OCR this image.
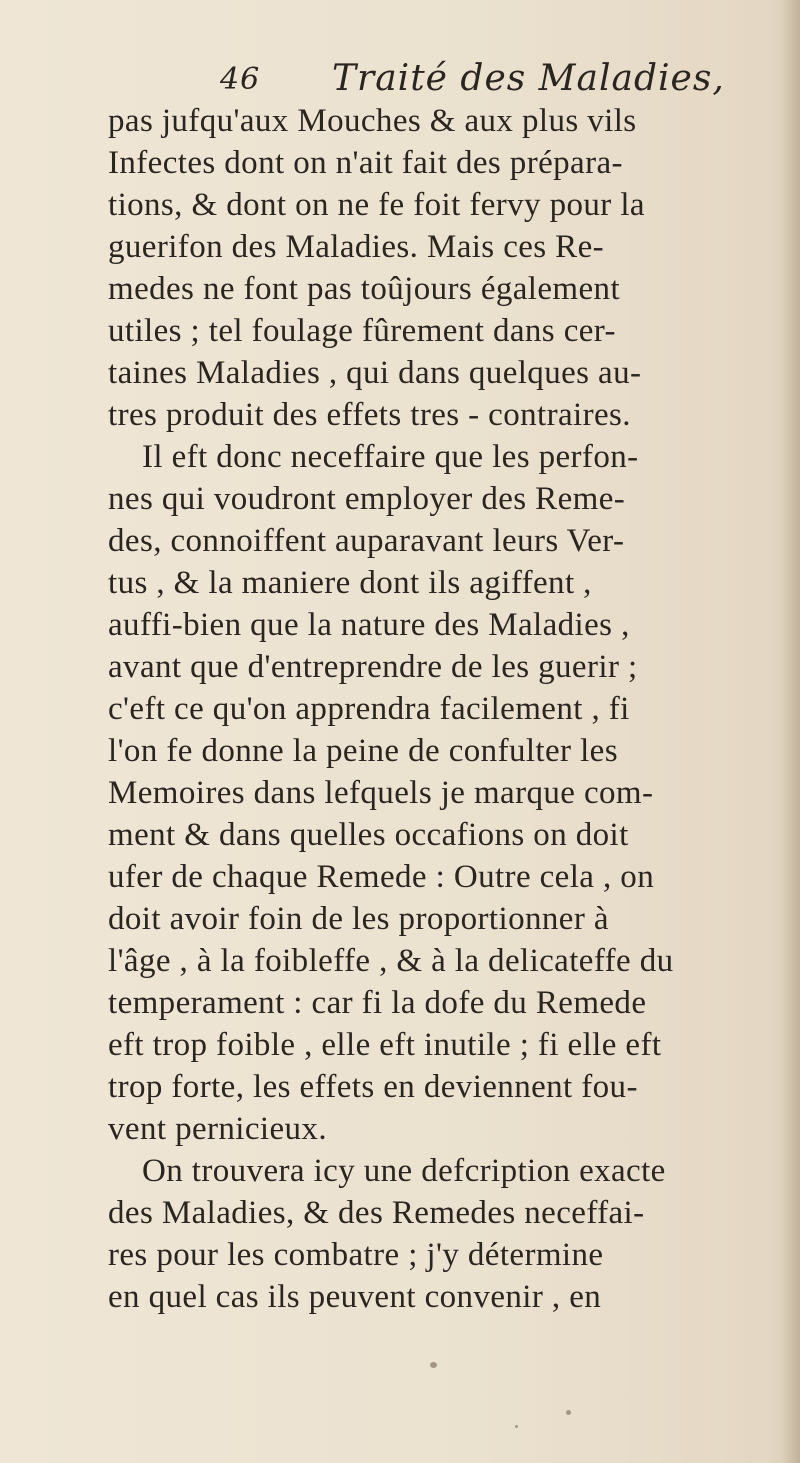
46 Traité des Maladies,
pas jufqu'aux Mouches & aux plus vils
Infectes dont on n'ait fait des prépara-
tions, & dont on ne fe foit fervy pour la
guerifon des Maladies. Mais ces Re-
medes ne font pas toûjours également
utiles ; tel foulage fûrement dans cer-
taines Maladies , qui dans quelques au-
tres produit des effets tres - contraires.
Il eft donc neceffaire que les perfon-
nes qui voudront employer des Reme-
des, connoiffent auparavant leurs Ver-
tus , & la maniere dont ils agiffent ,
auffi-bien que la nature des Maladies ,
avant que d'entreprendre de les guerir ;
c'eft ce qu'on apprendra facilement , fi
l'on fe donne la peine de confulter les
Memoires dans lefquels je marque com-
ment & dans quelles occafions on doit
ufer de chaque Remede : Outre cela , on
doit avoir foin de les proportionner à
l'âge , à la foibleffe , & à la delicateffe du
temperament : car fi la dofe du Remede
eft trop foible , elle eft inutile ; fi elle eft
trop forte, les effets en deviennent fou-
vent pernicieux.
On trouvera icy une defcription exacte
des Maladies, & des Remedes neceffai-
res pour les combatre ; j'y détermine
en quel cas ils peuvent convenir , en
